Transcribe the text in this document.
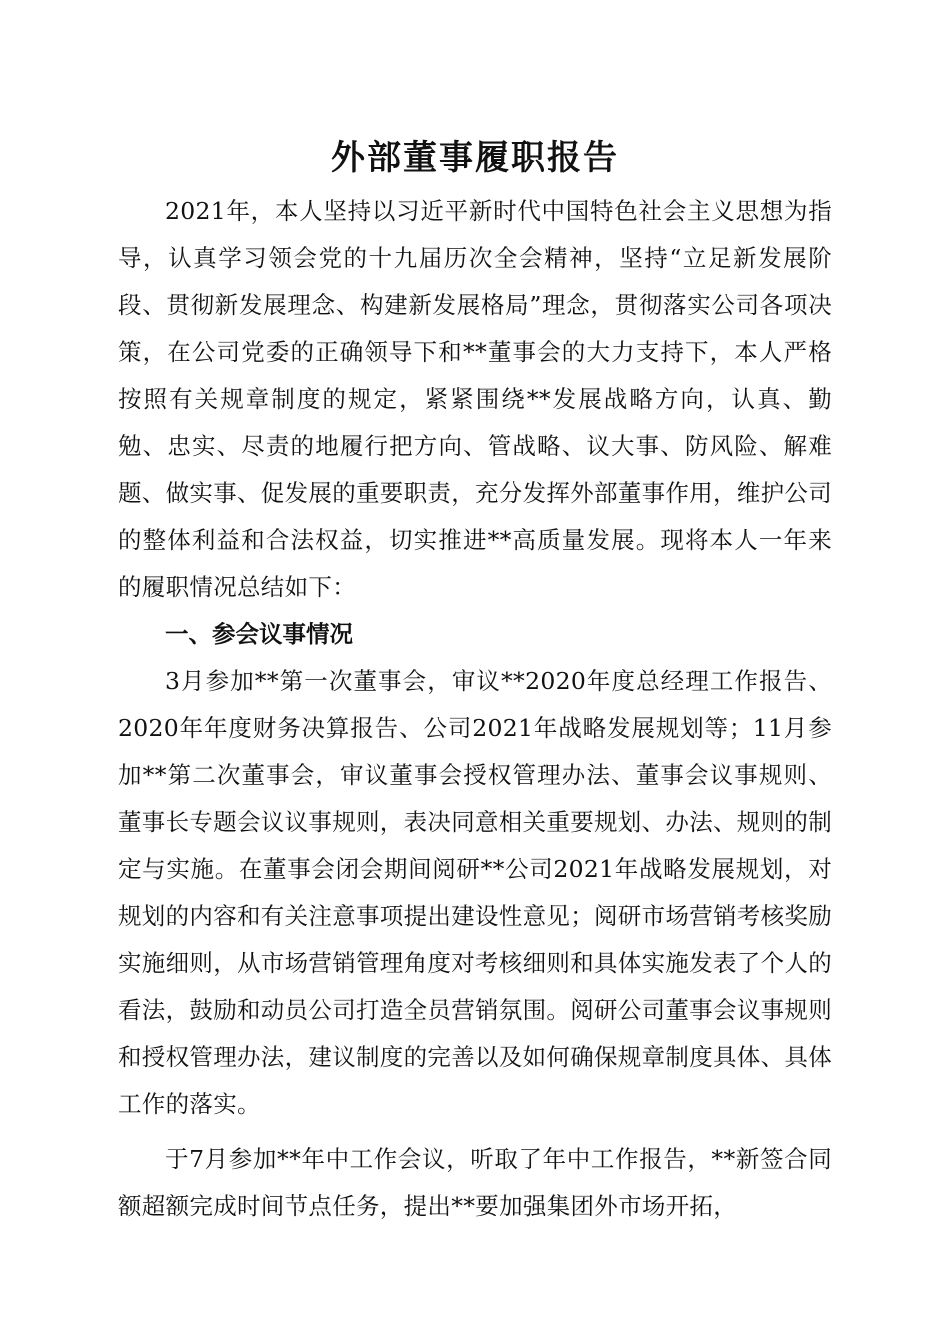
外部董事履职报告

2021年，本人坚持以习近平新时代中国特色社会主义思想为指导，认真学习领会党的十九届历次全会精神，坚持“立足新发展阶段、贯彻新发展理念、构建新发展格局”理念，贯彻落实公司各项决策，在公司党委的正确领导下和**董事会的大力支持下，本人严格按照有关规章制度的规定，紧紧围绕**发展战略方向，认真、勤勉、忠实、尽责的地履行把方向、管战略、议大事、防风险、解难题、做实事、促发展的重要职责，充分发挥外部董事作用，维护公司的整体利益和合法权益，切实推进**高质量发展。现将本人一年来的履职情况总结如下：

一、参会议事情况

3月参加**第一次董事会，审议**2020年度总经理工作报告、2020年年度财务决算报告、公司2021年战略发展规划等；11月参加**第二次董事会，审议董事会授权管理办法、董事会议事规则、董事长专题会议议事规则，表决同意相关重要规划、办法、规则的制定与实施。在董事会闭会期间阅研**公司2021年战略发展规划，对规划的内容和有关注意事项提出建设性意见；阅研市场营销考核奖励实施细则，从市场营销管理角度对考核细则和具体实施发表了个人的看法，鼓励和动员公司打造全员营销氛围。阅研公司董事会议事规则和授权管理办法，建议制度的完善以及如何确保规章制度具体、具体工作的落实。

于7月参加**年中工作会议，听取了年中工作报告，**新签合同额超额完成时间节点任务，提出**要加强集团外市场开拓，
